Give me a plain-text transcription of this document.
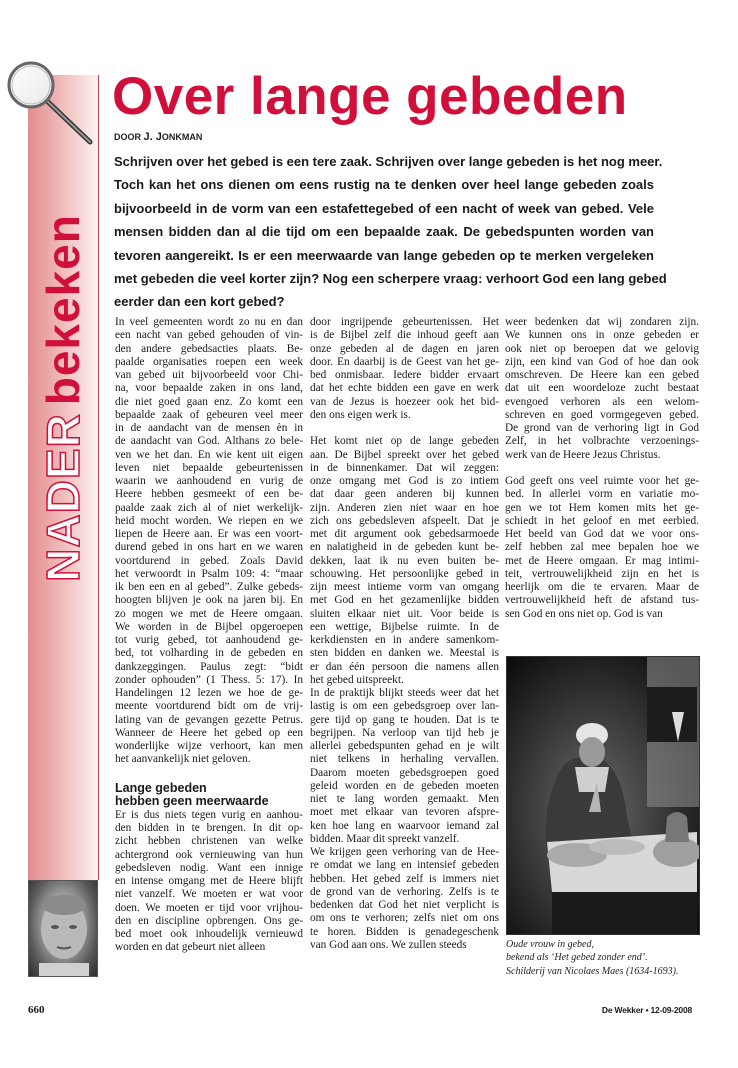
NADERbekeken
Over lange gebeden
DOOR J. JONKMAN
Schrijven over het gebed is een tere zaak. Schrijven over lange gebeden is het nog meer.
Toch kan het ons dienen om eens rustig na te denken over heel lange gebeden zoals
bijvoorbeeld in de vorm van een estafettegebed of een nacht of week van gebed. Vele
mensen bidden dan al die tijd om een bepaalde zaak. De gebedspunten worden van
tevoren aangereikt. Is er een meerwaarde van lange gebeden op te merken vergeleken
met gebeden die veel korter zijn? Nog een scherpere vraag: verhoort God een lang gebed
eerder dan een kort gebed?
In veel gemeenten wordt zo nu en dan
een nacht van gebed gehouden of vin-
den andere gebedsacties plaats. Be-
paalde organisaties roepen een week
van gebed uit bijvoorbeeld voor Chi-
na, voor bepaalde zaken in ons land,
die niet goed gaan enz. Zo komt een
bepaalde zaak of gebeuren veel meer
in de aandacht van de mensen èn in
de aandacht van God. Althans zo bele-
ven we het dan. En wie kent uit eigen
leven niet bepaalde gebeurtenissen
waarin we aanhoudend en vurig de
Heere hebben gesmeekt of een be-
paalde zaak zich al of niet werkelijk-
heid mocht worden. We riepen en we
liepen de Heere aan. Er was een voort-
durend gebed in ons hart en we waren
voortdurend in gebed. Zoals David
het verwoordt in Psalm 109: 4: “maar
ik ben een en al gebed”. Zulke gebeds-
hoogten blijven je ook na jaren bij. En
zo mogen we met de Heere omgaan.
We worden in de Bijbel opgeroepen
tot vurig gebed, tot aanhoudend ge-
bed, tot volharding in de gebeden en
dankzeggingen. Paulus zegt: “bidt
zonder ophouden” (1 Thess. 5: 17). In
Handelingen 12 lezen we hoe de ge-
meente voortdurend bidt om de vrij-
lating van de gevangen gezette Petrus.
Wanneer de Heere het gebed op een
wonderlijke wijze verhoort, kan men
het aanvankelijk niet geloven.
Lange gebeden
hebben geen meerwaarde
Er is dus niets tegen vurig en aanhou-
den bidden in te brengen. In dit op-
zicht hebben christenen van welke
achtergrond ook vernieuwing van hun
gebedsleven nodig. Want een innige
en intense omgang met de Heere blijft
niet vanzelf. We moeten er wat voor
doen. We moeten er tijd voor vrijhou-
den en discipline opbrengen. Ons ge-
bed moet ook inhoudelijk vernieuwd
worden en dat gebeurt niet alleen
door ingrijpende gebeurtenissen. Het
is de Bijbel zelf die inhoud geeft aan
onze gebeden al de dagen en jaren
door. En daarbij is de Geest van het ge-
bed onmisbaar. Iedere bidder ervaart
dat het echte bidden een gave en werk
van de Jezus is hoezeer ook het bid-
den ons eigen werk is.
Het komt niet op de lange gebeden
aan. De Bijbel spreekt over het gebed
in de binnenkamer. Dat wil zeggen:
onze omgang met God is zo intiem
dat daar geen anderen bij kunnen
zijn. Anderen zien niet waar en hoe
zich ons gebedsleven afspeelt. Dat je
met dit argument ook gebedsarmoede
en nalatigheid in de gebeden kunt be-
dekken, laat ik nu even buiten be-
schouwing. Het persoonlijke gebed in
zijn meest intieme vorm van omgang
met God en het gezamenlijke bidden
sluiten elkaar niet uit. Voor beide is
een wettige, Bijbelse ruimte. In de
kerkdiensten en in andere samenkom-
sten bidden en danken we. Meestal is
er dan één persoon die namens allen
het gebed uitspreekt.
In de praktijk blijkt steeds weer dat het
lastig is om een gebedsgroep over lan-
gere tijd op gang te houden. Dat is te
begrijpen. Na verloop van tijd heb je
allerlei gebedspunten gehad en je wilt
niet telkens in herhaling vervallen.
Daarom moeten gebedsgroepen goed
geleid worden en de gebeden moeten
niet te lang worden gemaakt. Men
moet met elkaar van tevoren afspre-
ken hoe lang en waarvoor iemand zal
bidden. Maar dit spreekt vanzelf.
We krijgen geen verhoring van de Hee-
re omdat we lang en intensief gebeden
hebben. Het gebed zelf is immers niet
de grond van de verhoring. Zelfs is te
bedenken dat God het niet verplicht is
om ons te verhoren; zelfs niet om ons
te horen. Bidden is genadegeschenk
van God aan ons. We zullen steeds
weer bedenken dat wij zondaren zijn.
We kunnen ons in onze gebeden er
ook niet op beroepen dat we gelovig
zijn, een kind van God of hoe dan ook
omschreven. De Heere kan een gebed
dat uit een woordeloze zucht bestaat
evengoed verhoren als een welom-
schreven en goed vormgegeven gebed.
De grond van de verhoring ligt in God
Zelf, in het volbrachte verzoenings-
werk van de Heere Jezus Christus.
God geeft ons veel ruimte voor het ge-
bed. In allerlei vorm en variatie mo-
gen we tot Hem komen mits het ge-
schiedt in het geloof en met eerbied.
Het beeld van God dat we voor ons-
zelf hebben zal mee bepalen hoe we
met de Heere omgaan. Er mag intimi-
teit, vertrouwelijkheid zijn en het is
heerlijk om die te ervaren. Maar de
vertrouwelijkheid heft de afstand tus-
sen God en ons niet op. God is van
Oude vrouw in gebed,
bekend als ‘Het gebed zonder end’.
Schilderij van Nicolaes Maes (1634-1693).
660	De Wekker • 12-09-2008
